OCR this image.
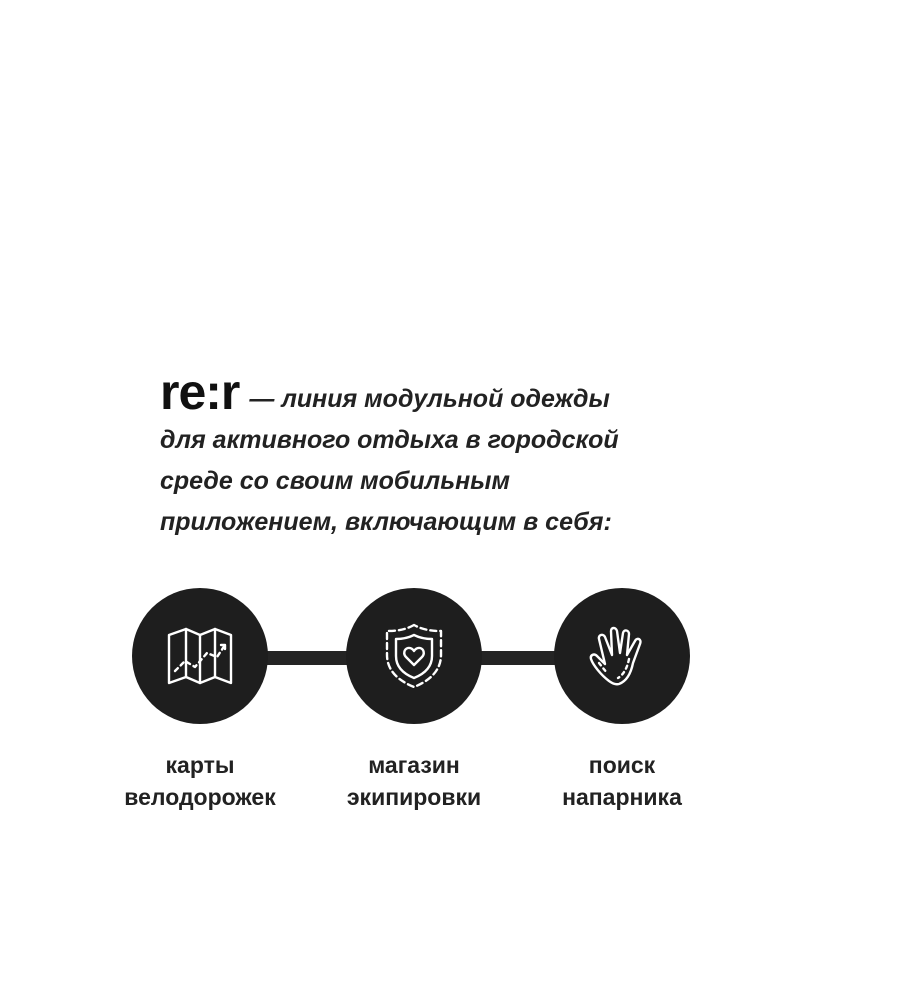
re:r — линия модульной одежды
для активного отдыха в городской
среде со своим мобильным
приложением, включающим в себя:
карты
велодорожек
магазин
экипировки
поиск
напарника
